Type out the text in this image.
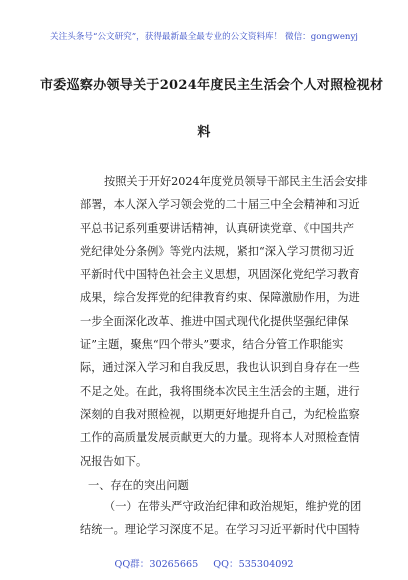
关注头条号“公文研究”，获得最新最全最专业的公文资料库！ 微信：gongwenyj
市委巡察办领导关于2024年度民主生活会个人对照检视材
料
按照关于开好2024年度党员领导干部民主生活会安排
部署，本人深入学习领会党的二十届三中全会精神和习近
平总书记系列重要讲话精神，认真研读党章、《中国共产
党纪律处分条例》等党内法规，紧扣“深入学习贯彻习近
平新时代中国特色社会主义思想，巩固深化党纪学习教育
成果，综合发挥党的纪律教育约束、保障激励作用，为进
一步全面深化改革、推进中国式现代化提供坚强纪律保
证”主题，聚焦“四个带头”要求，结合分管工作职能实
际，通过深入学习和自我反思，我也认识到自身存在一些
不足之处。在此，我将围绕本次民主生活会的主题，进行
深刻的自我对照检视，以期更好地提升自己，为纪检监察
工作的高质量发展贡献更大的力量。现将本人对照检查情
况报告如下。
一、存在的突出问题
（一）在带头严守政治纪律和政治规矩，维护党的团
结统一。理论学习深度不足。在学习习近平新时代中国特
QQ群：30265665 QQ：535304092
